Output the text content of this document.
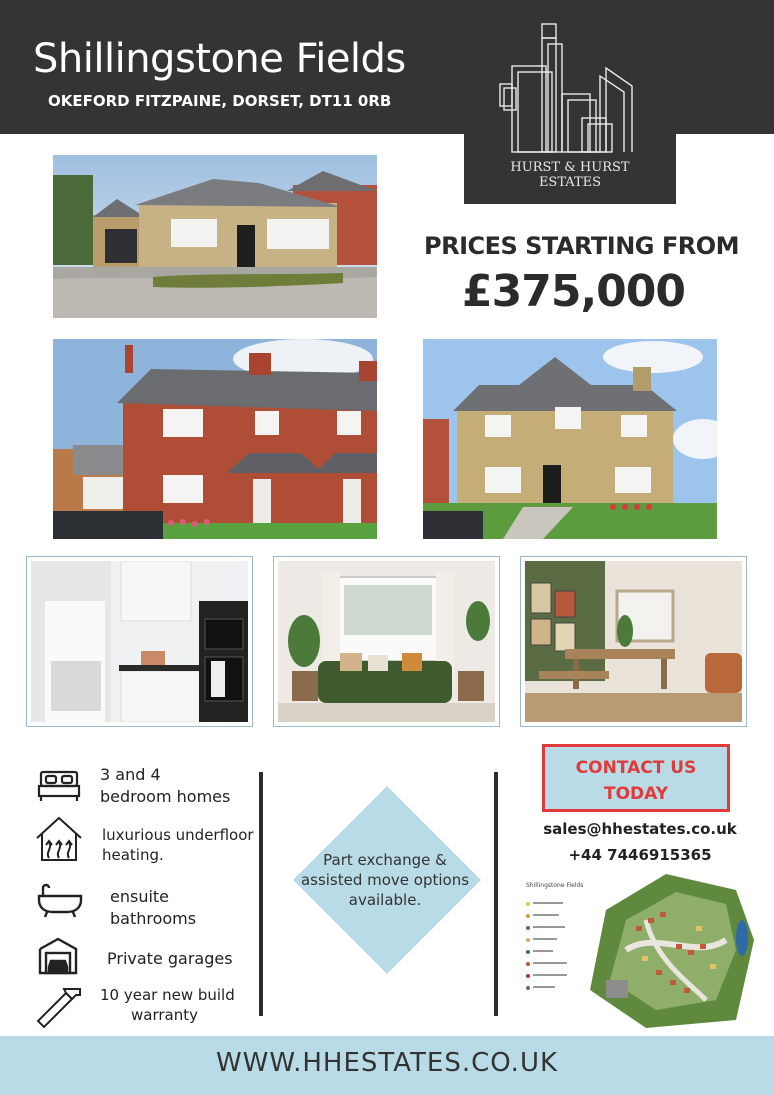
Shillingstone Fields
OKEFORD FITZPAINE, DORSET, DT11 0RB
HURST & HURST
ESTATES
PRICES STARTING FROM
£375,000
3 and 4
bedroom homes
luxurious underfloor
heating.
ensuite
bathrooms
Private garages
10 year new build
warranty
Part exchange &
assisted move options
available.
CONTACT US
TODAY
sales@hhestates.co.uk
+44 7446915365
Shillingstone Fields
WWW.HHESTATES.CO.UK
